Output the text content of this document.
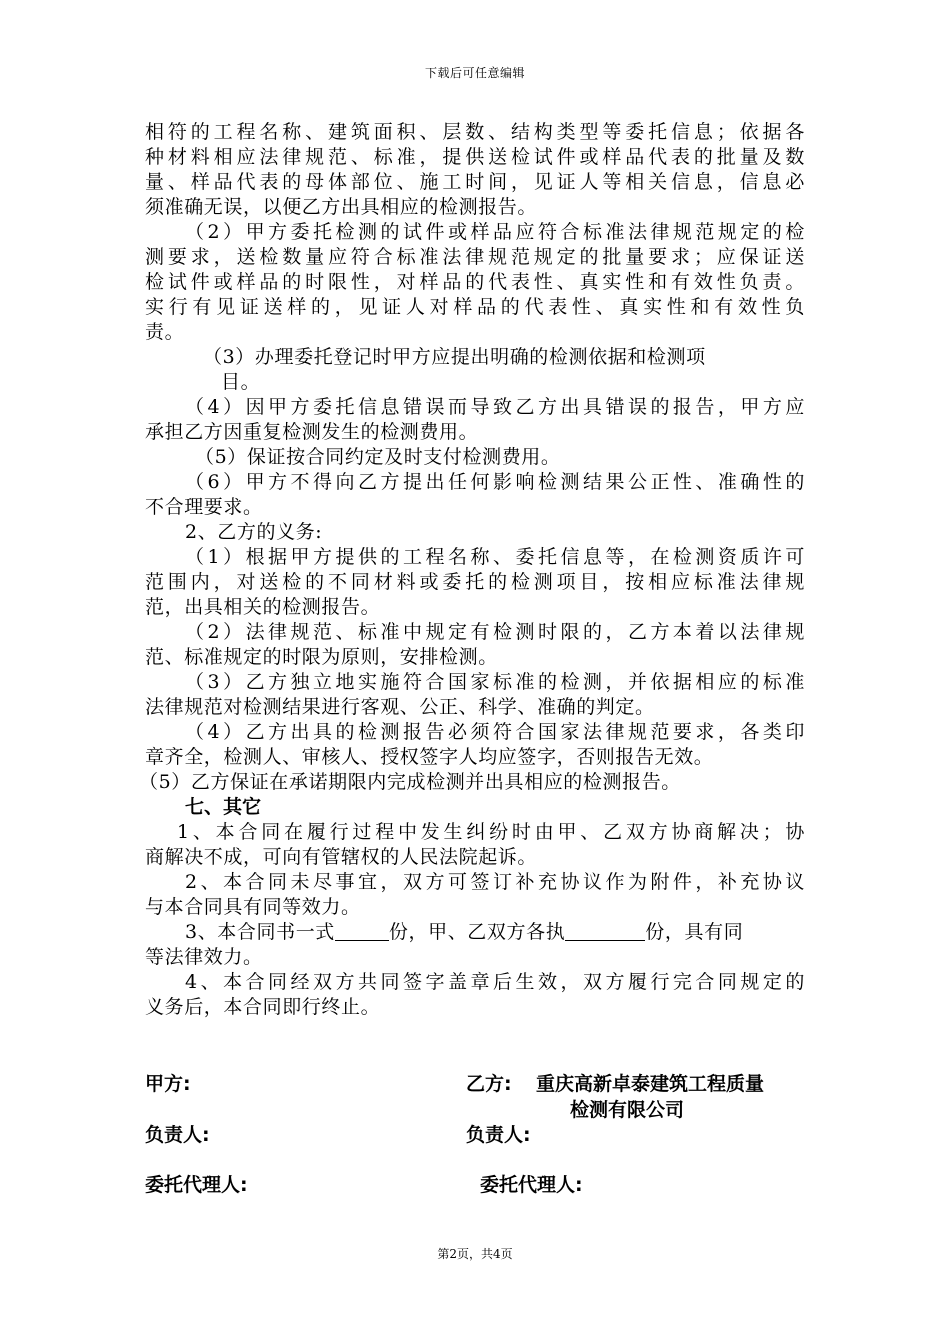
下载后可任意编辑
相符的工程名称、建筑面积、层数、结构类型等委托信息；依据各
种材料相应法律规范、标准，提供送检试件或样品代表的批量及数
量、样品代表的母体部位、施工时间，见证人等相关信息，信息必
须准确无误，以便乙方出具相应的检测报告。
（2）甲方委托检测的试件或样品应符合标准法律规范规定的检
测要求，送检数量应符合标准法律规范规定的批量要求；应保证送
检试件或样品的时限性，对样品的代表性、真实性和有效性负责。
实行有见证送样的，见证人对样品的代表性、真实性和有效性负
责。
（3）办理委托登记时甲方应提出明确的检测依据和检测项
目。
（4）因甲方委托信息错误而导致乙方出具错误的报告，甲方应
承担乙方因重复检测发生的检测费用。
（5）保证按合同约定及时支付检测费用。
（6）甲方不得向乙方提出任何影响检测结果公正性、准确性的
不合理要求。
2、乙方的义务:
（1）根据甲方提供的工程名称、委托信息等，在检测资质许可
范围内，对送检的不同材料或委托的检测项目，按相应标准法律规
范，出具相关的检测报告。
（2）法律规范、标准中规定有检测时限的，乙方本着以法律规
范、标准规定的时限为原则，安排检测。
（3）乙方独立地实施符合国家标准的检测，并依据相应的标准
法律规范对检测结果进行客观、公正、科学、准确的判定。
（4）乙方出具的检测报告必须符合国家法律规范要求，各类印
章齐全，检测人、审核人、授权签字人均应签字，否则报告无效。
（5）乙方保证在承诺期限内完成检测并出具相应的检测报告。
七、其它
1、本合同在履行过程中发生纠纷时由甲、乙双方协商解决；协
商解决不成，可向有管辖权的人民法院起诉。
2、本合同未尽事宜，双方可签订补充协议作为附件，补充协议
与本合同具有同等效力。
3、本合同书一式	份，甲、乙双方各执	份，具有同
等法律效力。
4、本合同经双方共同签字盖章后生效，双方履行完合同规定的
义务后，本合同即行终止。
甲方:	乙方: 重庆高新卓泰建筑工程质量
检测有限公司
负责人:	负责人:
委托代理人:	委托代理人:
第2页，共4页
